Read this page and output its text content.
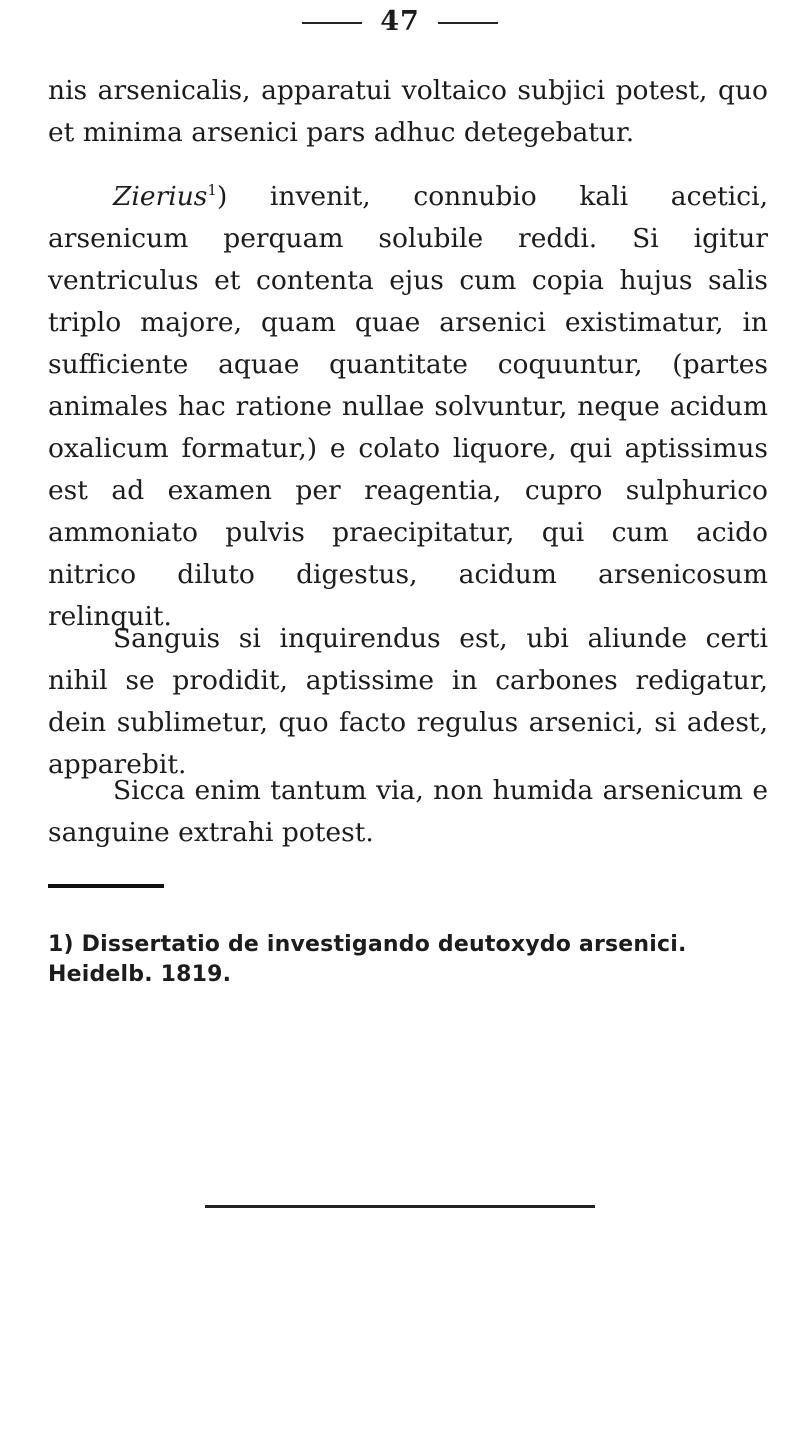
47

nis arsenicalis, apparatui voltaico subjici potest, quo et minima arsenici pars adhuc detegebatur.

Zierius$^1$) invenit, connubio kali acetici, arsenicum perquam solubile reddi. Si igitur ventriculus et contenta ejus cum copia hujus salis triplo majore, quam quae arsenici existimatur, in sufficiente aquae quantitate coquuntur, (partes animales hac ratione nullae solvuntur, neque acidum oxalicum formatur,) e colato liquore, qui aptissimus est ad examen per reagentia, cupro sulphurico ammoniato pulvis praecipitatur, qui cum acido nitrico diluto digestus, acidum arsenicosum relinquit.

Sanguis si inquirendus est, ubi aliunde certi nihil se prodidit, aptissime in carbones redigatur, dein sublimetur, quo facto regulus arsenici, si adest, apparebit.

Sicca enim tantum via, non humida arsenicum e sanguine extrahi potest.

1) Dissertatio de investigando deutoxydo arsenici. Heidelb. 1819.
